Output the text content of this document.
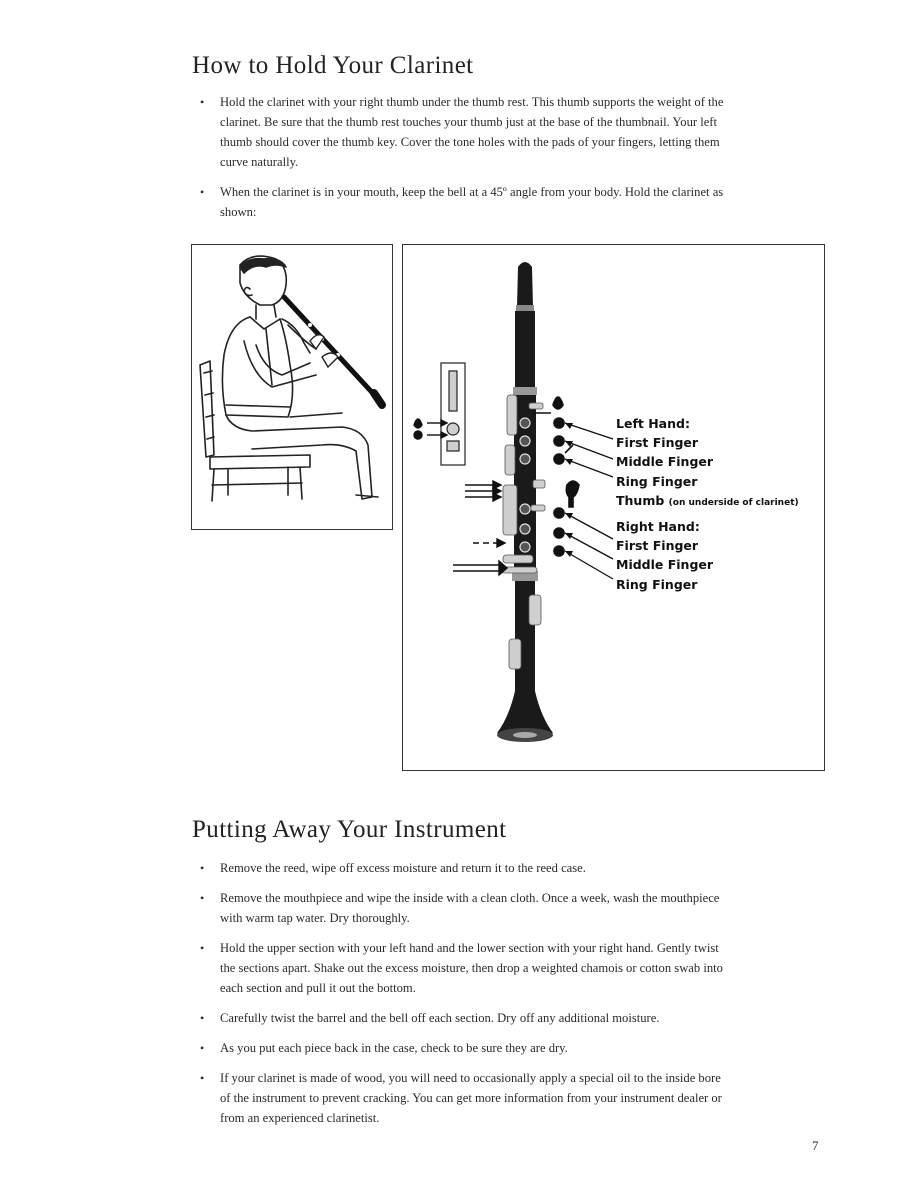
How to Hold Your Clarinet
• Hold the clarinet with your right thumb under the thumb rest. This thumb supports the weight of the clarinet. Be sure that the thumb rest touches your thumb just at the base of the thumbnail. Your left thumb should cover the thumb key. Cover the tone holes with the pads of your fingers, letting them curve naturally.
• When the clarinet is in your mouth, keep the bell at a 45º angle from your body. Hold the clarinet as shown:
Left Hand:
First Finger
Middle Finger
Ring Finger
Thumb (on underside of clarinet)
Right Hand:
First Finger
Middle Finger
Ring Finger
Putting Away Your Instrument
• Remove the reed, wipe off excess moisture and return it to the reed case.
• Remove the mouthpiece and wipe the inside with a clean cloth. Once a week, wash the mouthpiece with warm tap water. Dry thoroughly.
• Hold the upper section with your left hand and the lower section with your right hand. Gently twist the sections apart. Shake out the excess moisture, then drop a weighted chamois or cotton swab into each section and pull it out the bottom.
• Carefully twist the barrel and the bell off each section. Dry off any additional moisture.
• As you put each piece back in the case, check to be sure they are dry.
• If your clarinet is made of wood, you will need to occasionally apply a special oil to the inside bore of the instrument to prevent cracking. You can get more information from your instrument dealer or from an experienced clarinetist.
7
